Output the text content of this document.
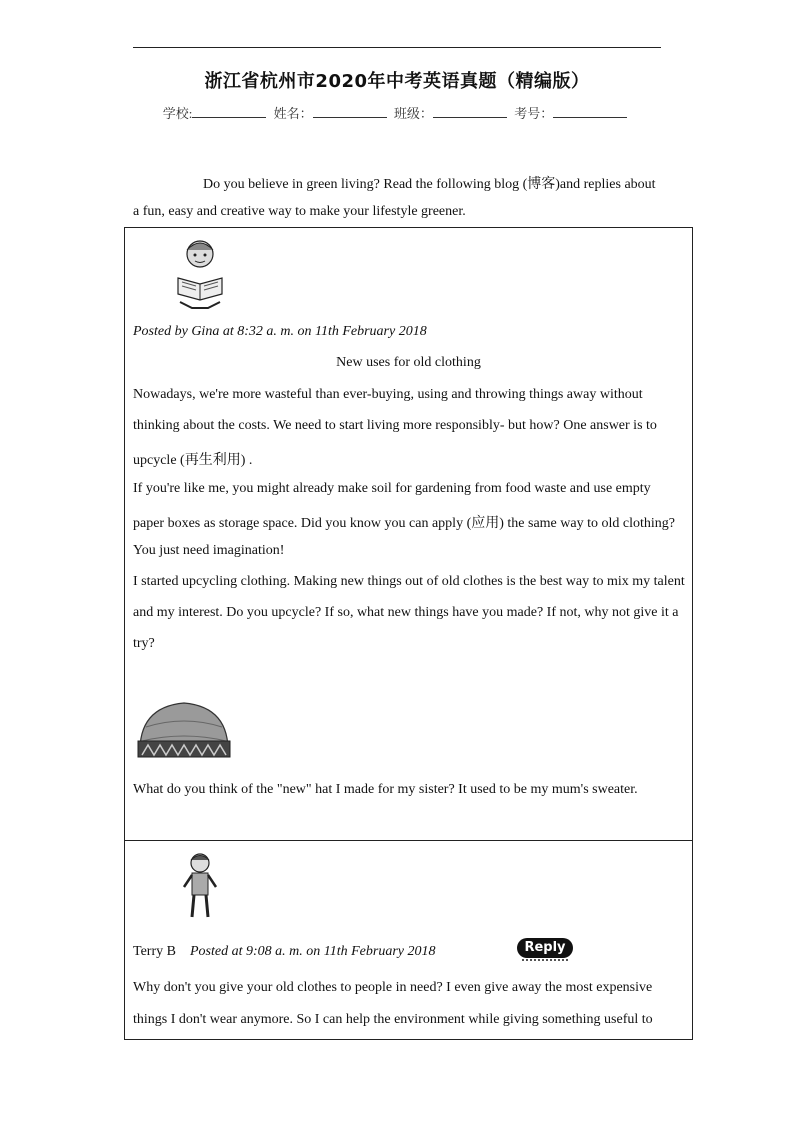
浙江省杭州市2020年中考英语真题（精编版）
学校:	姓名：	班级：	考号：
Do you believe in green living? Read the following blog (博客)and replies about
a fun, easy and creative way to make your lifestyle greener.
Posted by Gina at 8:32 a. m. on 11th February 2018
New uses for old clothing
Nowadays, we're more wasteful than ever-buying, using and throwing things away without
thinking about the costs. We need to start living more responsibly- but how? One answer is to
upcycle (再生利用) .
If you're like me, you might already make soil for gardening from food waste and use empty
paper boxes as storage space. Did you know you can apply (应用) the same way to old clothing?
You just need imagination!
I started upcycling clothing. Making new things out of old clothes is the best way to mix my talent
and my interest. Do you upcycle? If so, what new things have you made? If not, why not give it a
try?
What do you think of the "new" hat I made for my sister? It used to be my mum's sweater.
Terry B Posted at 9:08 a. m. on 11th February 2018	Reply
Why don't you give your old clothes to people in need? I even give away the most expensive
things I don't wear anymore. So I can help the environment while giving something useful to
